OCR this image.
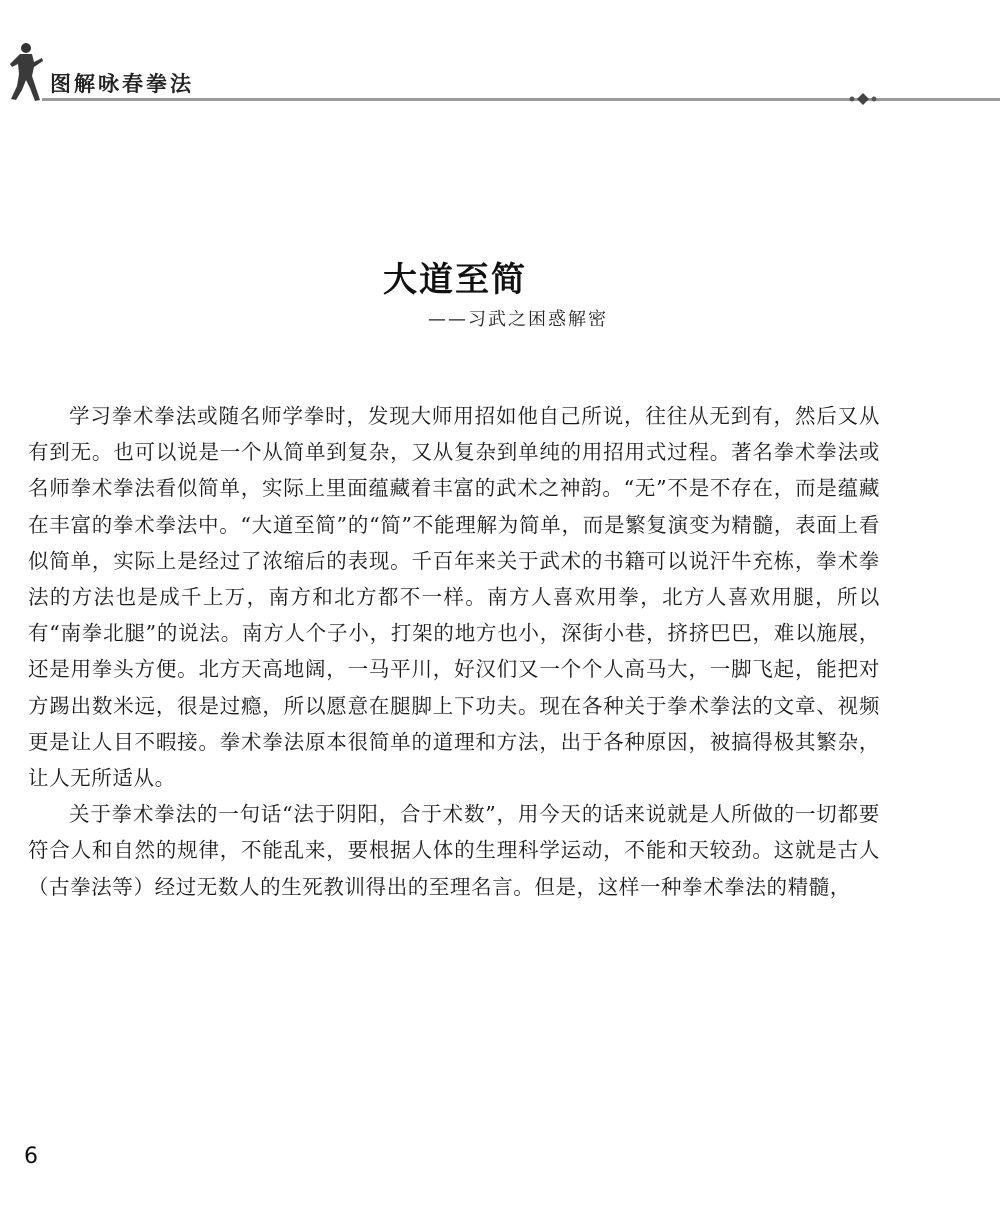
图解咏春拳法
大道至简
——习武之困惑解密

学习拳术拳法或随名师学拳时，发现大师用招如他自己所说，往往从无到有，然后又从有到无。也可以说是一个从简单到复杂，又从复杂到单纯的用招用式过程。著名拳术拳法或名师拳术拳法看似简单，实际上里面蕴藏着丰富的武术之神韵。“无”不是不存在，而是蕴藏在丰富的拳术拳法中。“大道至简”的“简”不能理解为简单，而是繁复演变为精髓，表面上看似简单，实际上是经过了浓缩后的表现。千百年来关于武术的书籍可以说汗牛充栋，拳术拳法的方法也是成千上万，南方和北方都不一样。南方人喜欢用拳，北方人喜欢用腿，所以有“南拳北腿”的说法。南方人个子小，打架的地方也小，深街小巷，挤挤巴巴，难以施展，还是用拳头方便。北方天高地阔，一马平川，好汉们又一个个人高马大，一脚飞起，能把对方踢出数米远，很是过瘾，所以愿意在腿脚上下功夫。现在各种关于拳术拳法的文章、视频更是让人目不暇接。拳术拳法原本很简单的道理和方法，出于各种原因，被搞得极其繁杂，让人无所适从。

关于拳术拳法的一句话“法于阴阳，合于术数”，用今天的话来说就是人所做的一切都要符合人和自然的规律，不能乱来，要根据人体的生理科学运动，不能和天较劲。这就是古人（古拳法等）经过无数人的生死教训得出的至理名言。但是，这样一种拳术拳法的精髓，

6
